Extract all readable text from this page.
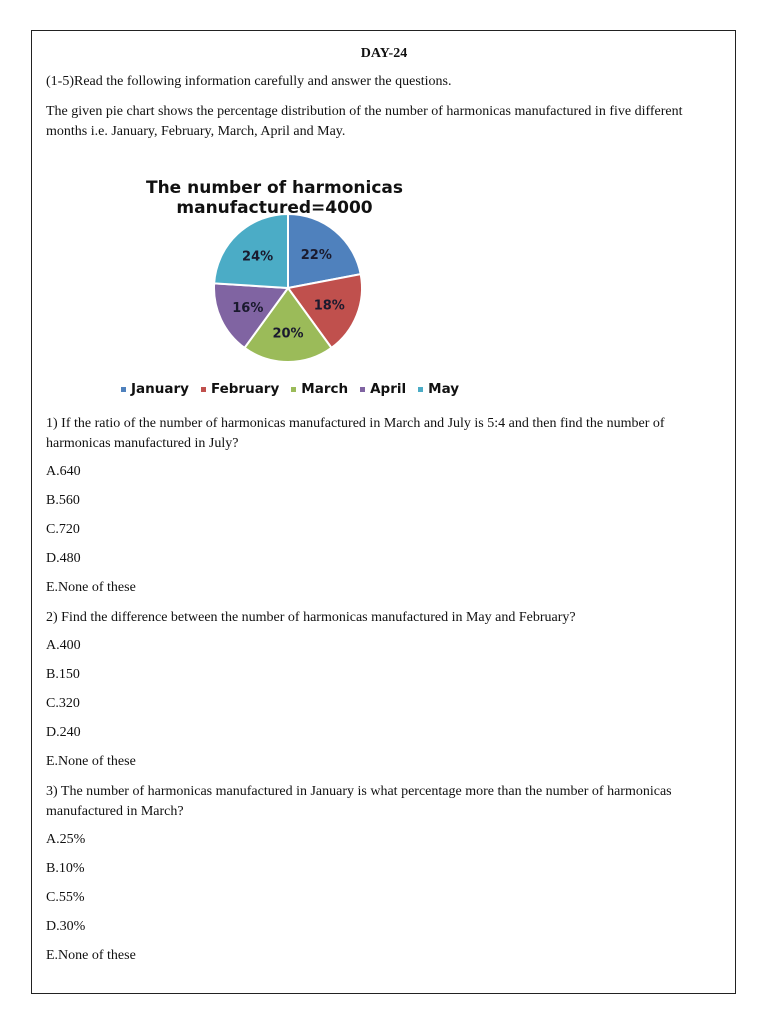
DAY-24

(1-5)Read the following information carefully and answer the questions.

The given pie chart shows the percentage distribution of the number of harmonicas manufactured in five different months i.e. January, February, March, April and May.

The number of harmonicas
manufactured=4000
22%
18%
20%
16%
24%
January February March April May

1) If the ratio of the number of harmonicas manufactured in March and July is 5:4 and then find the number of harmonicas manufactured in July?

A.640

B.560

C.720

D.480

E.None of these

2) Find the difference between the number of harmonicas manufactured in May and February?

A.400

B.150

C.320

D.240

E.None of these

3) The number of harmonicas manufactured in January is what percentage more than the number of harmonicas manufactured in March?

A.25%

B.10%

C.55%

D.30%

E.None of these
